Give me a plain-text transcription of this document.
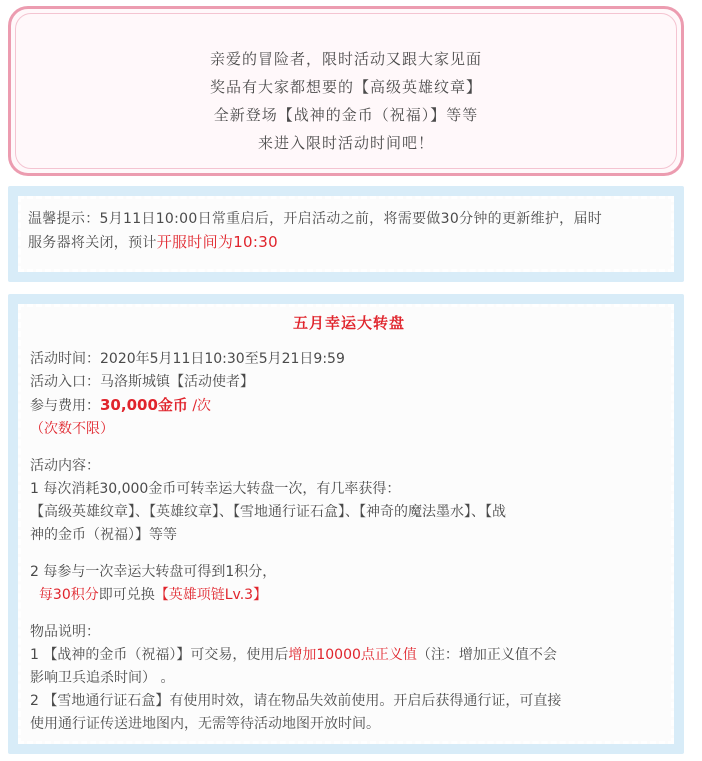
亲爱的冒险者，限时活动又跟大家见面
奖品有大家都想要的【高级英雄纹章】
全新登场【战神的金币（祝福）】等等
来进入限时活动时间吧！
温馨提示：5月11日10:00日常重启后，开启活动之前，将需要做30分钟的更新维护，届时
服务器将关闭，预计开服时间为10:30
五月幸运大转盘
活动时间：2020年5月11日10:30至5月21日9:59
活动入口：马洛斯城镇【活动使者】
参与费用：30,000金币 /次
（次数不限）
活动内容：
1 每次消耗30,000金币可转幸运大转盘一次，有几率获得：
【高级英雄纹章】、【英雄纹章】、【雪地通行证石盒】、【神奇的魔法墨水】、【战
神的金币（祝福）】等等
2 每参与一次幸运大转盘可得到1积分，
每30积分即可兑换【英雄项链Lv.3】
物品说明：
1 【战神的金币（祝福）】可交易，使用后增加10000点正义值（注：增加正义值不会
影响卫兵追杀时间） 。
2 【雪地通行证石盒】有使用时效，请在物品失效前使用。开启后获得通行证，可直接
使用通行证传送进地图内，无需等待活动地图开放时间。
